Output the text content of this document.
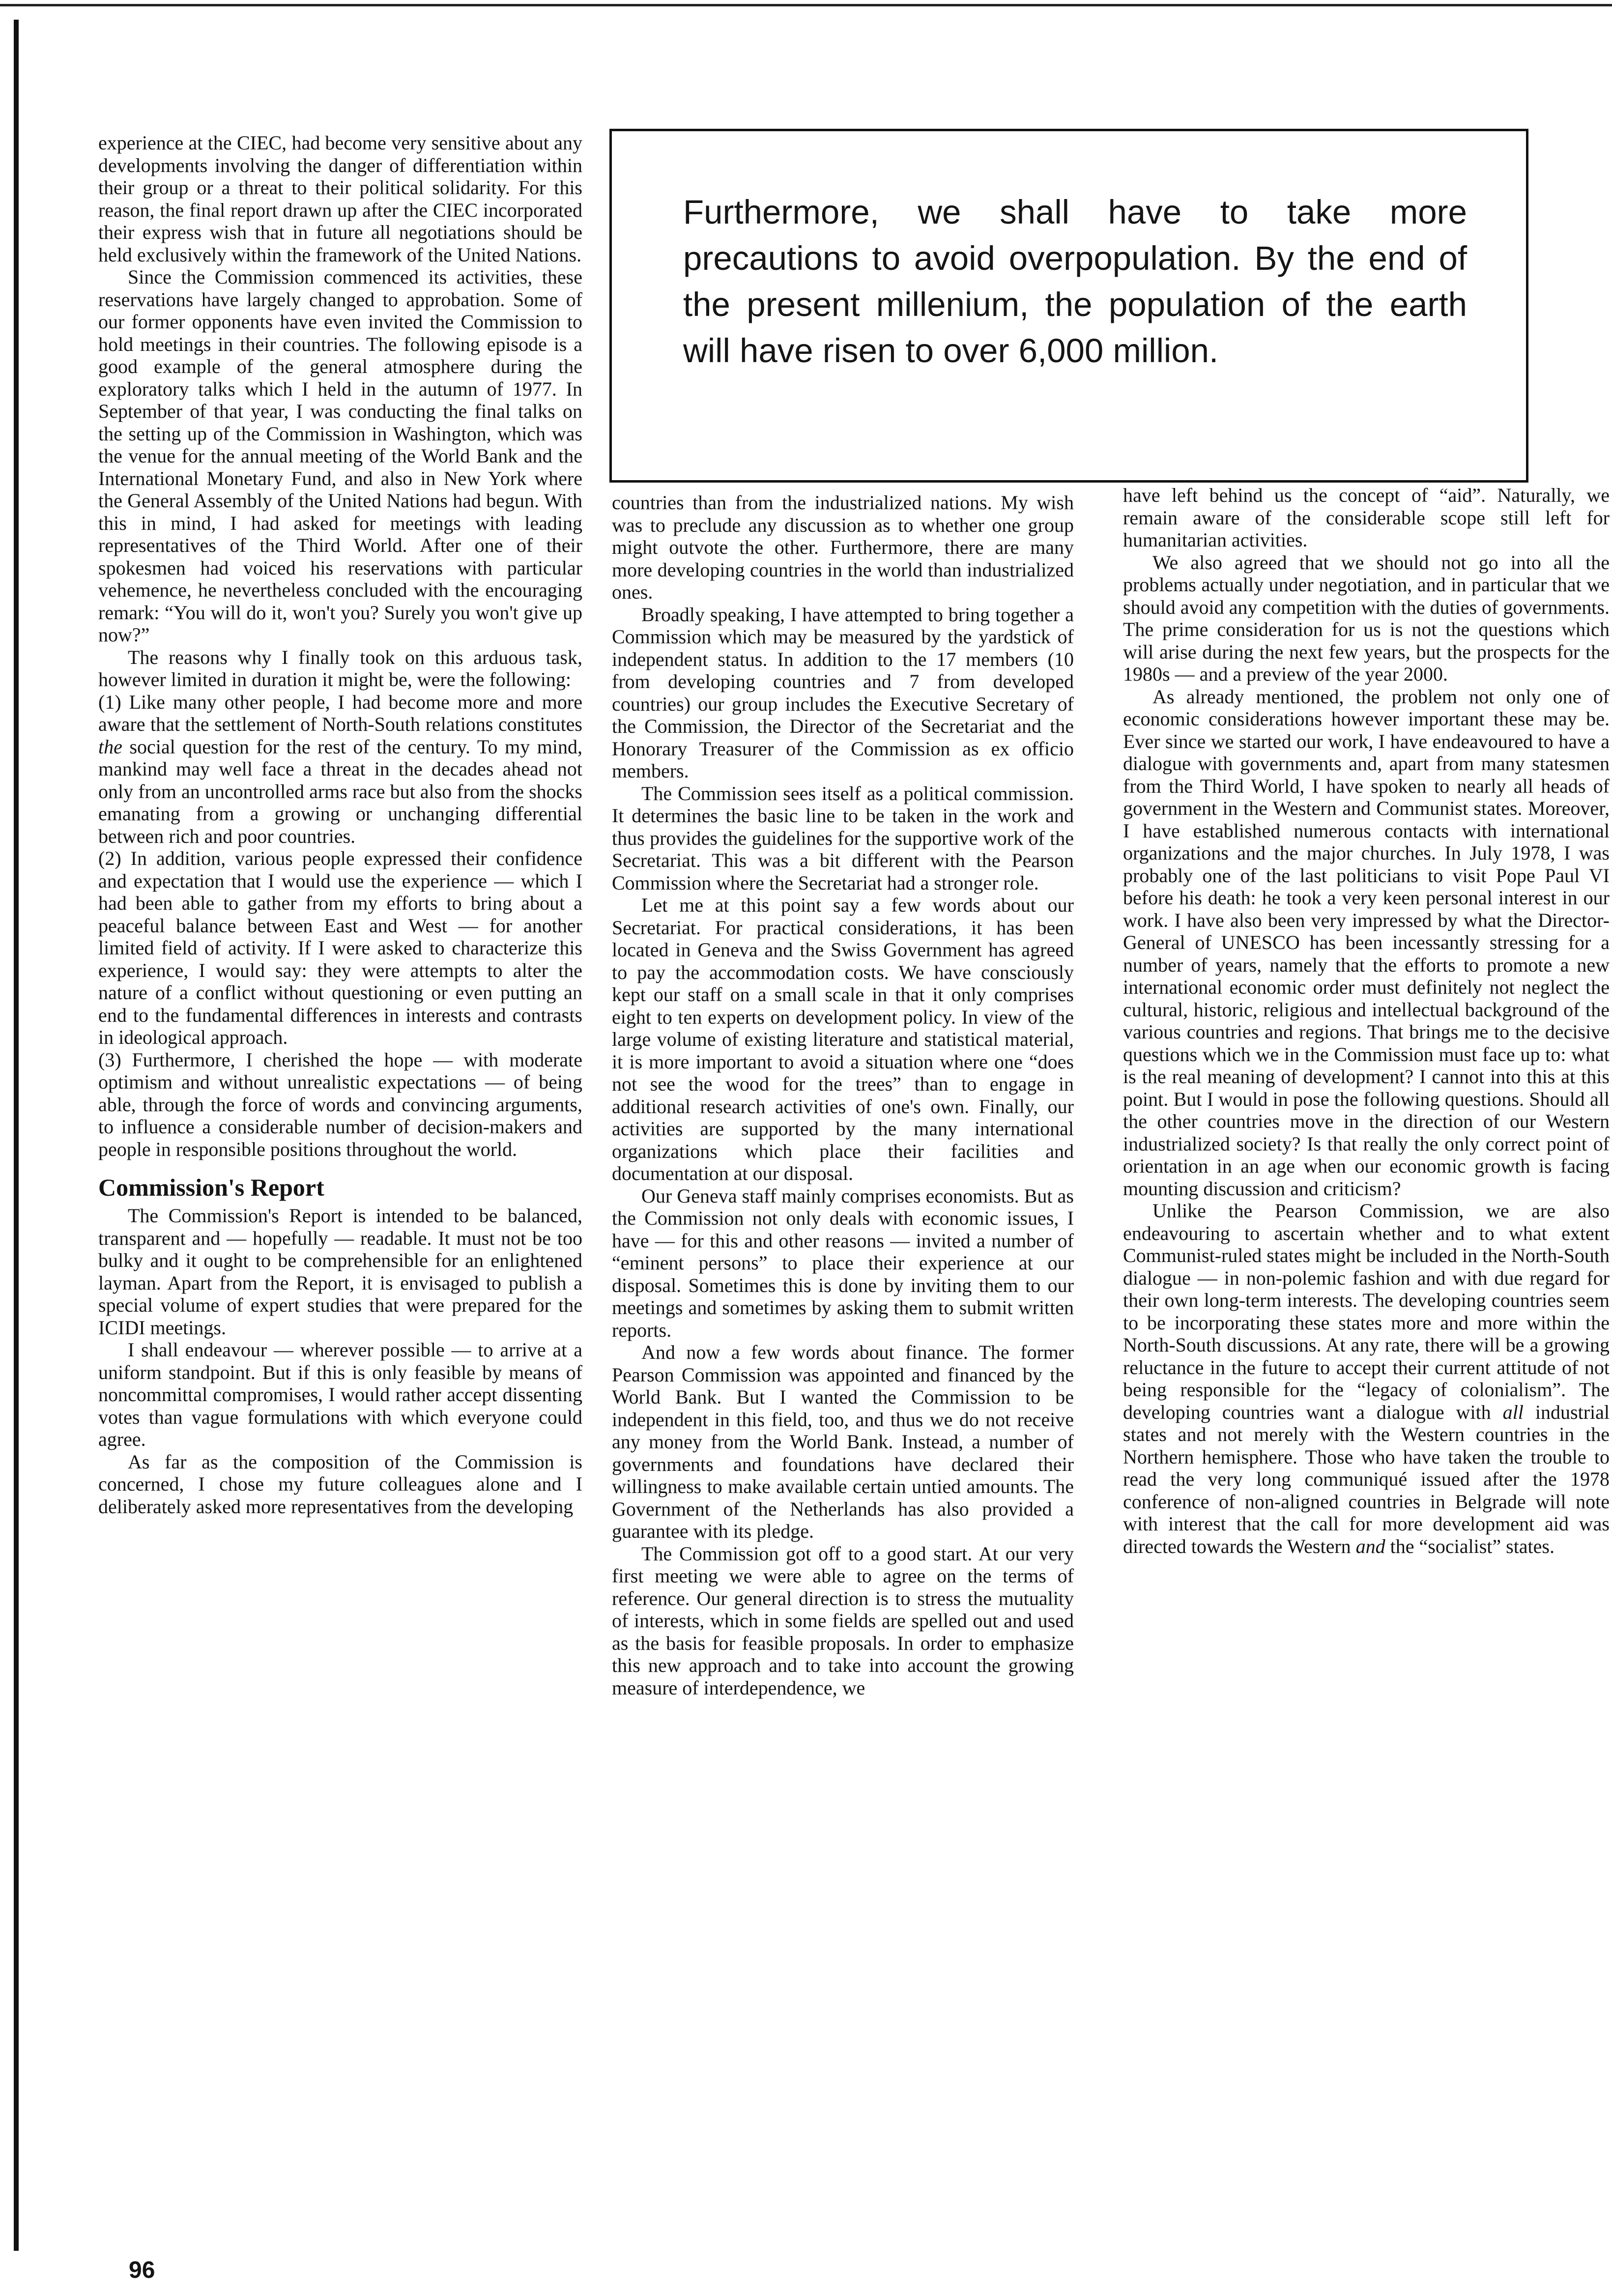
Furthermore, we shall have to take more precautions to avoid overpopulation. By the end of the present millenium, the population of the earth will have risen to over 6,000 million.

experience at the CIEC, had become very sensitive about any developments involving the danger of differentiation within their group or a threat to their political solidarity. For this reason, the final report drawn up after the CIEC incorporated their express wish that in future all negotiations should be held exclusively within the framework of the United Nations.

Since the Commission commenced its activities, these reservations have largely changed to approbation. Some of our former opponents have even invited the Commission to hold meetings in their countries. The following episode is a good example of the general atmosphere during the exploratory talks which I held in the autumn of 1977. In September of that year, I was conducting the final talks on the setting up of the Commission in Washington, which was the venue for the annual meeting of the World Bank and the International Monetary Fund, and also in New York where the General Assembly of the United Nations had begun. With this in mind, I had asked for meetings with leading representatives of the Third World. After one of their spokesmen had voiced his reservations with particular vehemence, he nevertheless concluded with the encouraging remark: “You will do it, won't you? Surely you won't give up now?”

The reasons why I finally took on this arduous task, however limited in duration it might be, were the following:

(1) Like many other people, I had become more and more aware that the settlement of North-South relations constitutes the social question for the rest of the century. To my mind, mankind may well face a threat in the decades ahead not only from an uncontrolled arms race but also from the shocks emanating from a growing or unchanging differential between rich and poor countries.

(2) In addition, various people expressed their confidence and expectation that I would use the experience — which I had been able to gather from my efforts to bring about a peaceful balance between East and West — for another limited field of activity. If I were asked to characterize this experience, I would say: they were attempts to alter the nature of a conflict without questioning or even putting an end to the fundamental differences in interests and contrasts in ideological approach.

(3) Furthermore, I cherished the hope — with moderate optimism and without unrealistic expectations — of being able, through the force of words and convincing arguments, to influence a considerable number of decision-makers and people in responsible positions throughout the world.

Commission's Report

The Commission's Report is intended to be balanced, transparent and — hopefully — readable. It must not be too bulky and it ought to be comprehensible for an enlightened layman. Apart from the Report, it is envisaged to publish a special volume of expert studies that were prepared for the ICIDI meetings.

I shall endeavour — wherever possible — to arrive at a uniform standpoint. But if this is only feasible by means of noncommittal compromises, I would rather accept dissenting votes than vague formulations with which everyone could agree.

As far as the composition of the Commission is concerned, I chose my future colleagues alone and I deliberately asked more representatives from the developing

countries than from the industrialized nations. My wish was to preclude any discussion as to whether one group might outvote the other. Furthermore, there are many more developing countries in the world than industrialized ones.

Broadly speaking, I have attempted to bring together a Commission which may be measured by the yardstick of independent status. In addition to the 17 members (10 from developing countries and 7 from developed countries) our group includes the Executive Secretary of the Commission, the Director of the Secretariat and the Honorary Treasurer of the Commission as ex officio members.

The Commission sees itself as a political commission. It determines the basic line to be taken in the work and thus provides the guidelines for the supportive work of the Secretariat. This was a bit different with the Pearson Commission where the Secretariat had a stronger role.

Let me at this point say a few words about our Secretariat. For practical considerations, it has been located in Geneva and the Swiss Government has agreed to pay the accommodation costs. We have consciously kept our staff on a small scale in that it only comprises eight to ten experts on development policy. In view of the large volume of existing literature and statistical material, it is more important to avoid a situation where one “does not see the wood for the trees” than to engage in additional research activities of one's own. Finally, our activities are supported by the many international organizations which place their facilities and documentation at our disposal.

Our Geneva staff mainly comprises economists. But as the Commission not only deals with economic issues, I have — for this and other reasons — invited a number of “eminent persons” to place their experience at our disposal. Sometimes this is done by inviting them to our meetings and sometimes by asking them to submit written reports.

And now a few words about finance. The former Pearson Commission was appointed and financed by the World Bank. But I wanted the Commission to be independent in this field, too, and thus we do not receive any money from the World Bank. Instead, a number of governments and foundations have declared their willingness to make available certain untied amounts. The Government of the Netherlands has also provided a guarantee with its pledge.

The Commission got off to a good start. At our very first meeting we were able to agree on the terms of reference. Our general direction is to stress the mutuality of interests, which in some fields are spelled out and used as the basis for feasible proposals. In order to emphasize this new approach and to take into account the growing measure of interdependence, we

have left behind us the concept of “aid”. Naturally, we remain aware of the considerable scope still left for humanitarian activities.

We also agreed that we should not go into all the problems actually under negotiation, and in particular that we should avoid any competition with the duties of governments. The prime consideration for us is not the questions which will arise during the next few years, but the prospects for the 1980s — and a preview of the year 2000.

As already mentioned, the problem not only one of economic considerations however important these may be. Ever since we started our work, I have endeavoured to have a dialogue with governments and, apart from many statesmen from the Third World, I have spoken to nearly all heads of government in the Western and Communist states. Moreover, I have established numerous contacts with international organizations and the major churches. In July 1978, I was probably one of the last politicians to visit Pope Paul VI before his death: he took a very keen personal interest in our work. I have also been very impressed by what the Director-General of UNESCO has been incessantly stressing for a number of years, namely that the efforts to promote a new international economic order must definitely not neglect the cultural, historic, religious and intellectual background of the various countries and regions. That brings me to the decisive questions which we in the Commission must face up to: what is the real meaning of development? I cannot into this at this point. But I would in pose the following questions. Should all the other countries move in the direction of our Western industrialized society? Is that really the only correct point of orientation in an age when our economic growth is facing mounting discussion and criticism?

Unlike the Pearson Commission, we are also endeavouring to ascertain whether and to what extent Communist-ruled states might be included in the North-South dialogue — in non-polemic fashion and with due regard for their own long-term interests. The developing countries seem to be incorporating these states more and more within the North-South discussions. At any rate, there will be a growing reluctance in the future to accept their current attitude of not being responsible for the “legacy of colonialism”. The developing countries want a dialogue with all industrial states and not merely with the Western countries in the Northern hemisphere. Those who have taken the trouble to read the very long communiqué issued after the 1978 conference of non-aligned countries in Belgrade will note with interest that the call for more development aid was directed towards the Western and the “socialist” states.

96
